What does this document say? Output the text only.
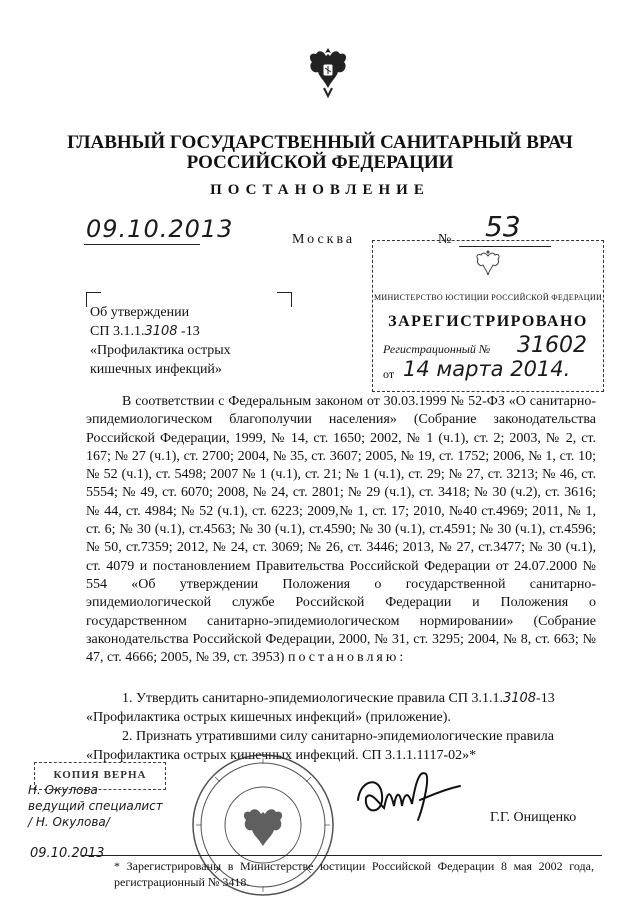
ГЛАВНЫЙ ГОСУДАРСТВЕННЫЙ САНИТАРНЫЙ ВРАЧ
РОССИЙСКОЙ ФЕДЕРАЦИИ
ПОСТАНОВЛЕНИЕ
09.10.2013	Москва	№ 53
Об утверждении
СП 3.1.1.3108 -13
«Профилактика острых
кишечных инфекций»
МИНИСТЕРСТВО ЮСТИЦИИ РОССИЙСКОЙ ФЕДЕРАЦИИ
ЗАРЕГИСТРИРОВАНО
Регистрационный № 31602
от 14 марта 2014.
В соответствии с Федеральным законом от 30.03.1999 № 52-ФЗ «О санитарно-эпидемиологическом благополучии населения» (Собрание законодательства Российской Федерации, 1999, № 14, ст. 1650; 2002, № 1 (ч.1), ст. 2; 2003, № 2, ст. 167; № 27 (ч.1), ст. 2700; 2004, № 35, ст. 3607; 2005, № 19, ст. 1752; 2006, № 1, ст. 10; № 52 (ч.1), ст. 5498; 2007 № 1 (ч.1), ст. 21; № 1 (ч.1), ст. 29; № 27, ст. 3213; № 46, ст. 5554; № 49, ст. 6070; 2008, № 24, ст. 2801; № 29 (ч.1), ст. 3418; № 30 (ч.2), ст. 3616; № 44, ст. 4984; № 52 (ч.1), ст. 6223; 2009,№ 1, ст. 17; 2010, №40 ст.4969; 2011, № 1, ст. 6; № 30 (ч.1), ст.4563; № 30 (ч.1), ст.4590; № 30 (ч.1), ст.4591; № 30 (ч.1), ст.4596; № 50, ст.7359; 2012, № 24, ст. 3069; № 26, ст. 3446; 2013, № 27, ст.3477; № 30 (ч.1), ст. 4079 и постановлением Правительства Российской Федерации от 24.07.2000 № 554 «Об утверждении Положения о государственной санитарно-эпидемиологической службе Российской Федерации и Положения о государственном санитарно-эпидемиологическом нормировании» (Собрание законодательства Российской Федерации, 2000, № 31, ст. 3295; 2004, № 8, ст. 663; № 47, ст. 4666; 2005, № 39, ст. 3953) постановляю:
1. Утвердить санитарно-эпидемиологические правила СП 3.1.1.3108-13
«Профилактика острых кишечных инфекций» (приложение).
2. Признать утратившими силу санитарно-эпидемиологические правила
«Профилактика острых кишечных инфекций. СП 3.1.1.1117-02»*
КОПИЯ ВЕРНА
Н. Окулова
ведущий специалист
/ Н. Окулова/
09.10.2013
Г.Г. Онищенко
* Зарегистрированы в Министерстве юстиции Российской Федерации 8 мая 2002 года, регистрационный № 3418.
